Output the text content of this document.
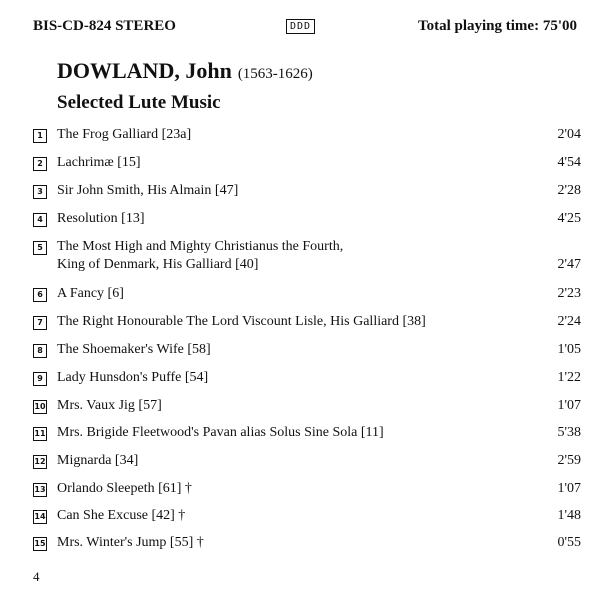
BIS-CD-824 STEREO	DDD	Total playing time: 75'00
DOWLAND, John (1563-1626)
Selected Lute Music
1	The Frog Galliard [23a]	2'04
2	Lachrimæ [15]	4'54
3	Sir John Smith, His Almain [47]	2'28
4	Resolution [13]	4'25
5	The Most High and Mighty Christianus the Fourth,
King of Denmark, His Galliard [40]	2'47
6	A Fancy [6]	2'23
7	The Right Honourable The Lord Viscount Lisle, His Galliard [38]	2'24
8	The Shoemaker's Wife [58]	1'05
9	Lady Hunsdon's Puffe [54]	1'22
10 Mrs. Vaux Jig [57]	1'07
11 Mrs. Brigide Fleetwood's Pavan alias Solus Sine Sola [11]	5'38
12 Mignarda [34]	2'59
13 Orlando Sleepeth [61] †	1'07
14 Can She Excuse [42] †	1'48
15 Mrs. Winter's Jump [55] †	0'55
4
